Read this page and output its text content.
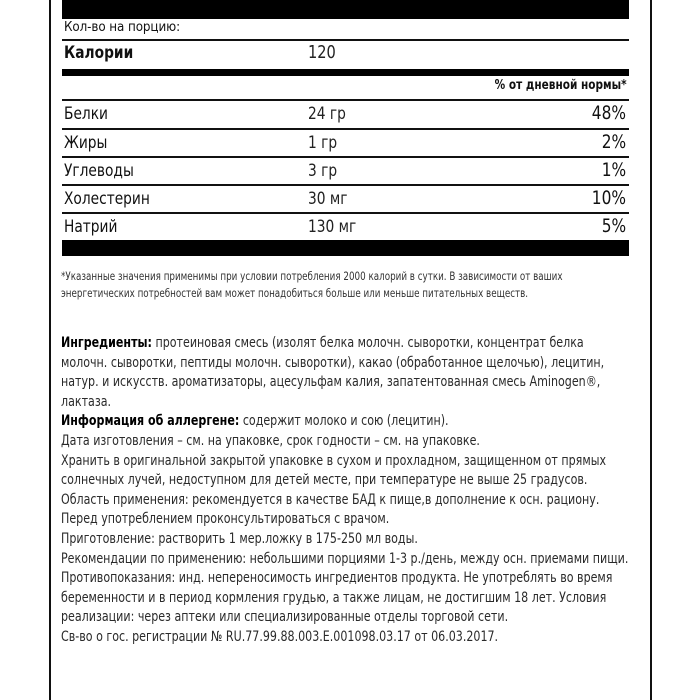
Кол-во на порцию:
Калории	120
% от дневной нормы*
Белки	24 гр	48%
Жиры	1 гр	2%
Углеводы	3 гр	1%
Холестерин	30 мг	10%
Натрий	130 мг	5%
*Указанные значения применимы при условии потребления 2000 калорий в сутки. В зависимости от ваших энергетических потребностей вам может понадобиться больше или меньше питательных веществ.

Ингредиенты: протеиновая смесь (изолят белка молочн. сыворотки, концентрат белка молочн. сыворотки, пептиды молочн. сыворотки), какао (обработанное щелочью), лецитин, натур. и искусств. ароматизаторы, ацесульфам калия, запатентованная смесь Aminogen®, лактаза.

Информация об аллергене: содержит молоко и сою (лецитин).

Дата изготовления – см. на упаковке, срок годности – см. на упаковке.

Хранить в оригинальной закрытой упаковке в сухом и прохладном, защищенном от прямых солнечных лучей, недоступном для детей месте, при температуре не выше 25 градусов.

Область применения: рекомендуется в качестве БАД к пище,в дополнение к осн. рациону. Перед употреблением проконсультироваться с врачом.

Приготовление: растворить 1 мер.ложку в 175-250 мл воды.

Рекомендации по применению: небольшими порциями 1-3 р./день, между осн. приемами пищи. Противопоказания: инд. непереносимость ингредиентов продукта. Не употреблять во время беременности и в период кормления грудью, а также лицам, не достигшим 18 лет. Условия реализации: через аптеки или специализированные отделы торговой сети.

Св-во о гос. регистрации № RU.77.99.88.003.Е.001098.03.17 от 06.03.2017.
